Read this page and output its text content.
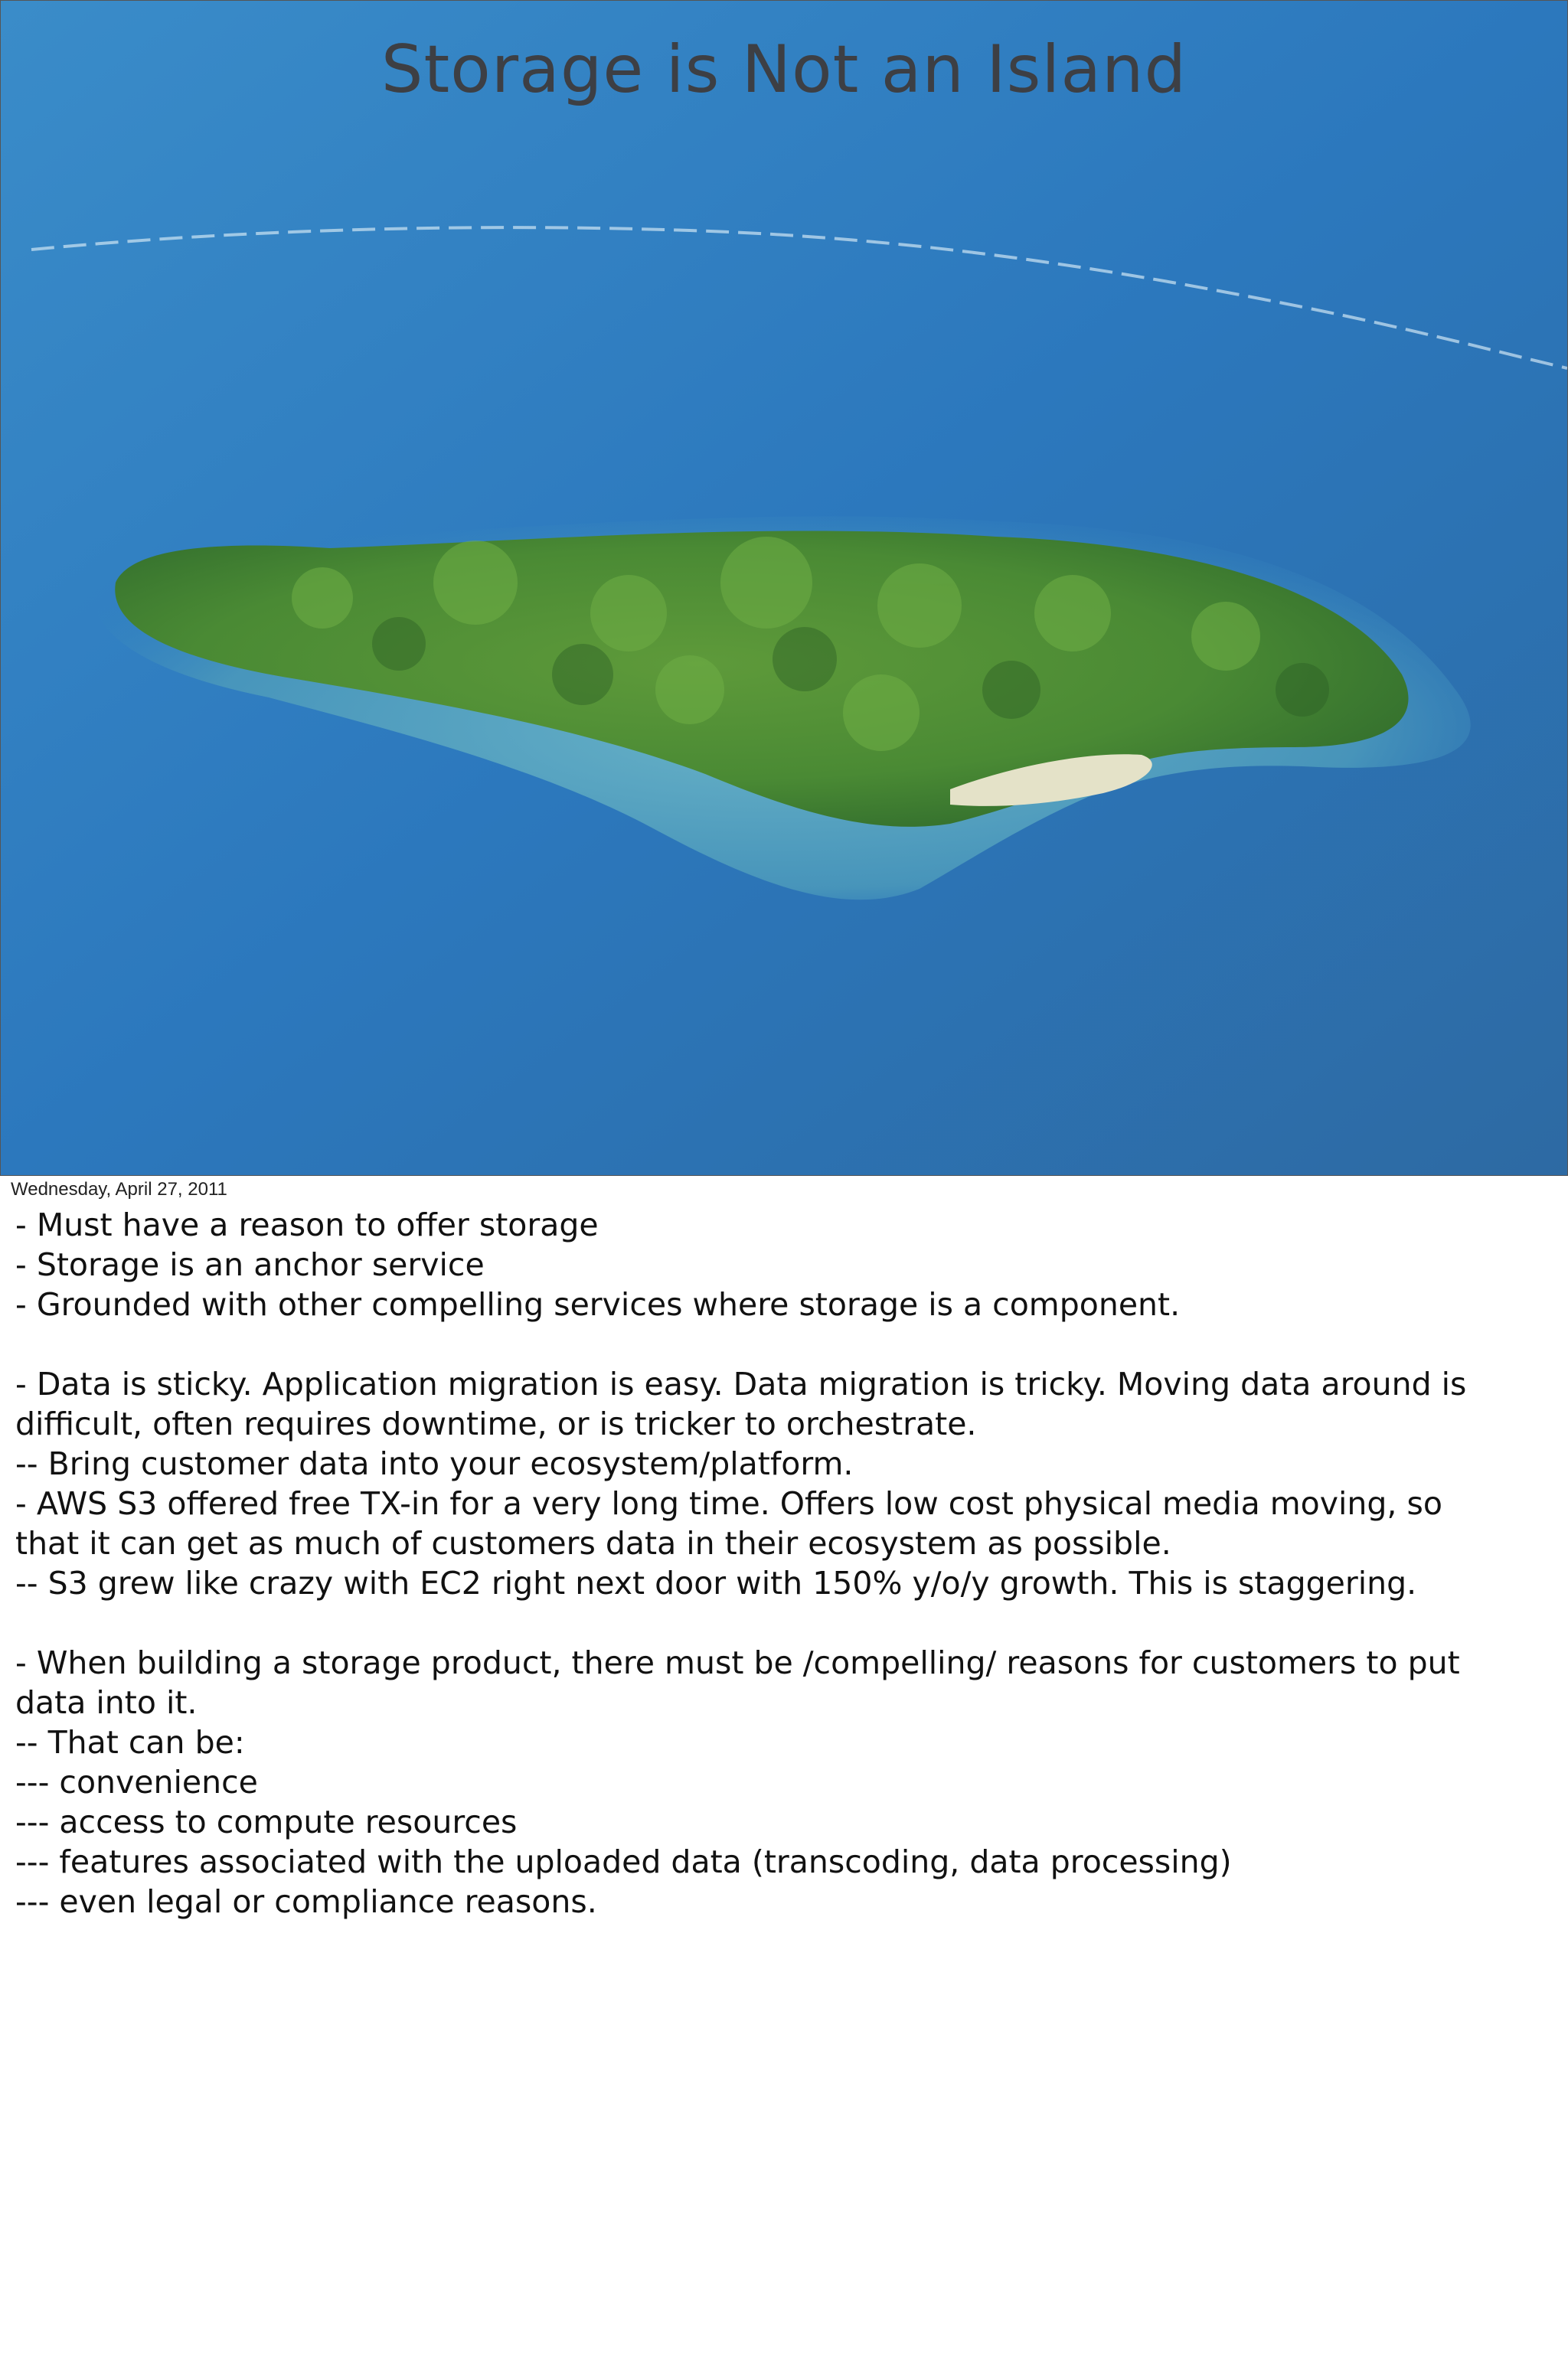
Storage is Not an Island
Wednesday, April 27, 2011
- Must have a reason to offer storage
- Storage is an anchor service
- Grounded with other compelling services where storage is a component.
- Data is sticky. Application migration is easy. Data migration is tricky. Moving data around is
difficult, often requires downtime, or is tricker to orchestrate.
-- Bring customer data into your ecosystem/platform.
- AWS S3 offered free TX-in for a very long time. Offers low cost physical media moving, so
that it can get as much of customers data in their ecosystem as possible.
-- S3 grew like crazy with EC2 right next door with 150% y/o/y growth. This is staggering.
- When building a storage product, there must be /compelling/ reasons for customers to put
data into it.
-- That can be:
--- convenience
--- access to compute resources
--- features associated with the uploaded data (transcoding, data processing)
--- even legal or compliance reasons.
